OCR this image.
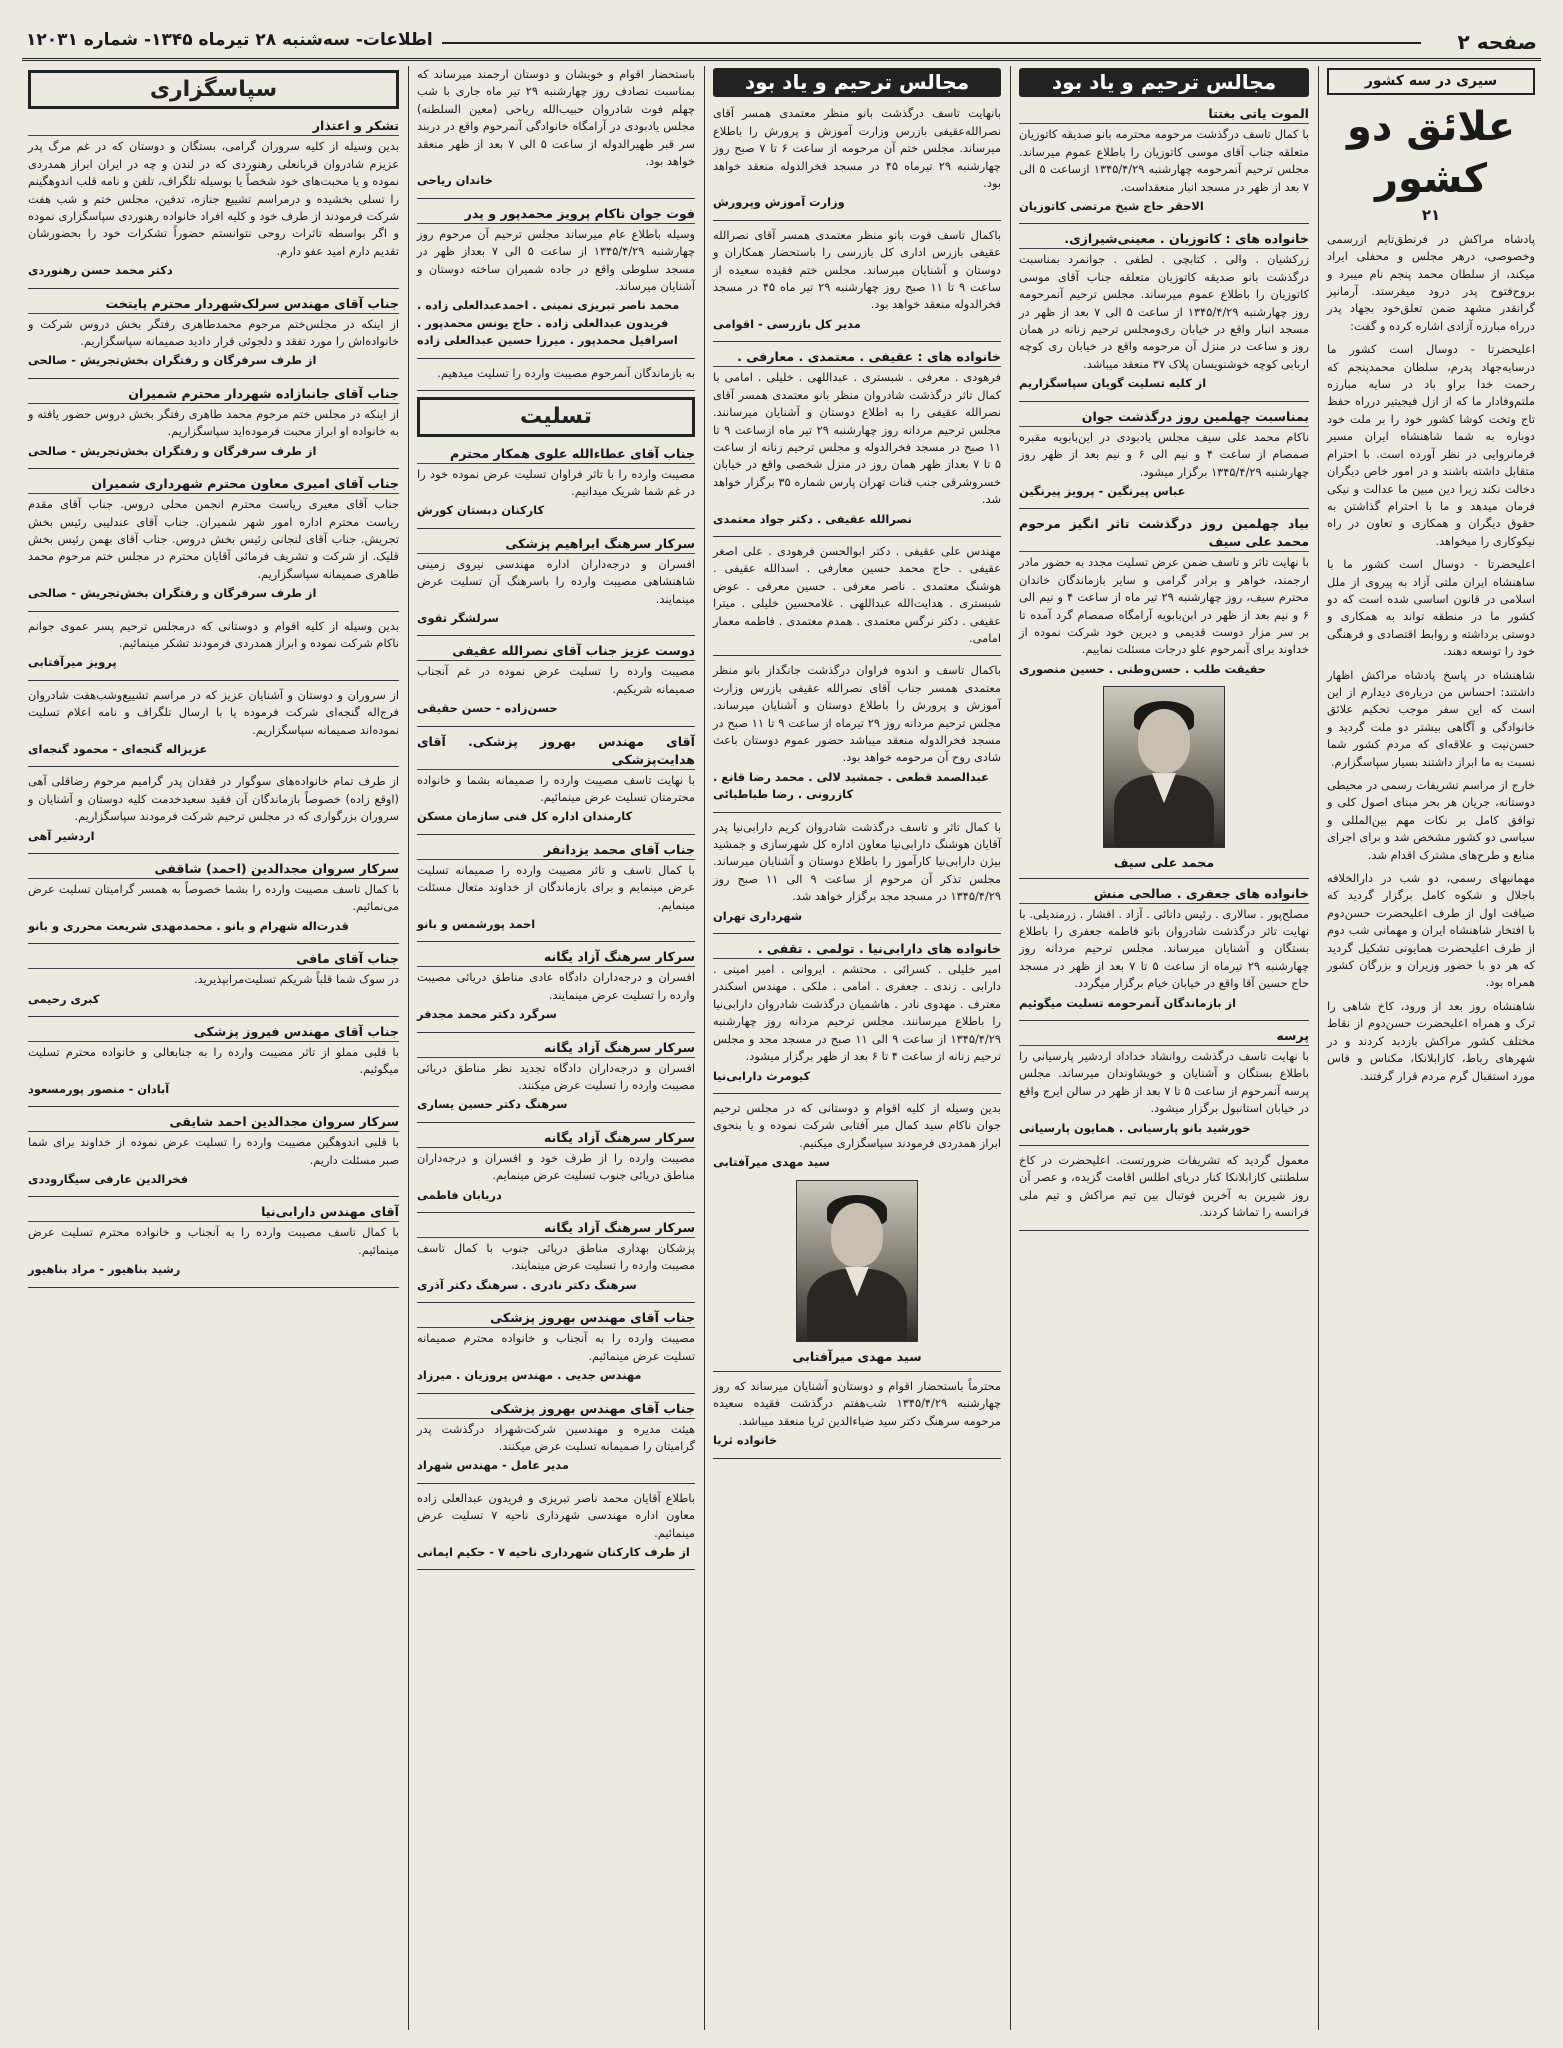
صفحه ۲
اطلاعات- سه‌شنبه ۲۸ تیرماه ۱۳۴۵- شماره ۱۲۰۳۱
سیری در سه کشور
علائق دو کشور
۲۱

پادشاه مراکش در فرنطق‌تایم ازرسمی وخصوصی، درهر مجلس و محفلی ایراد میکند، از سلطان محمد پنجم نام میبرد و بروح‌فتوح پدر درود میفرستد. آرمانپر گرانقدر مشهد ضمن تعلق‌خود بجهاد پدر درراه مبارزه آزادی اشاره کرده و گفت:

اعلیحضرتا - دوسال است کشور ما درسایه‌جهاد پدرم، سلطان محمدپنجم که رحمت خدا براو باد در سایه مبارزه ملتم‌وفادار ما که از ازل فیجیتیر درراه حفظ تاج وتخت کوشا کشور خود را بر ملت خود دوباره به شما شاهنشاه ایران مسیر فرمانروایی در نظر آورده است. با احترام متقابل داشته باشند و در امور خاص دیگران دخالت نکند زیرا دین مبین ما عدالت و نیکی فرمان میدهد و ما با احترام گذاشتن به حقوق دیگران و همکاری و تعاون در راه نیکوکاری را میخواهد.

اعلیحضرتا - دوسال است کشور ما با ساهنشاه ایران ملتی آزاد به پیروی از ملل اسلامی در قانون اساسی شده است که دو کشور ما در منطقه تواند به همکاری و دوستی برداشته و روابط اقتصادی و فرهنگی خود را توسعه دهند.

شاهنشاه در پاسخ پادشاه مراکش اظهار داشتند: احساس من درباره‌ی دیدارم از این است که این سفر موجب تحکیم علائق خانوادگی و آگاهی بیشتر دو ملت گردید و حسن‌نیت و علاقه‌ای که مردم کشور شما نسبت به ما ابراز داشتند بسیار سپاسگزارم.

خارج از مراسم تشریفات رسمی در محیطی دوستانه، جریان هر بحر مبنای اصول کلی و توافق کامل بر نکات مهم بین‌المللی و سیاسی دو کشور مشخص شد و برای اجرای منابع و طرح‌های مشترک اقدام شد.

مهمانیهای رسمی، دو شب در دارالخلافه باجلال و شکوه کامل برگزار گردید که ضیافت اول از طرف اعلیحضرت حسن‌دوم با افتخار شاهنشاه ایران و مهمانی شب دوم از طرف اعلیحضرت همایونی تشکیل گردید که هر دو با حضور وزیران و بزرگان کشور همراه بود.

شاهنشاه روز بعد از ورود، کاخ شاهی را ترک و همراه اعلیحضرت حسن‌دوم از نقاط مختلف کشور مراکش بازدید کردند و در شهرهای رباط، کازابلانکا، مکناس و فاس مورد استقبال گرم مردم قرار گرفتند.

مجالس ترحیم و یاد بود
الموت یاتی بغتتا
با کمال تاسف درگذشت مرحومه محترمه بانو صدیقه کاتوزیان متعلقه جناب آقای موسی کاتوزیان را باطلاع عموم میرساند. مجلس ترحیم آنمرحومه چهارشنبه ۱۳۴۵/۴/۲۹ ازساعت ۵ الی ۷ بعد از ظهر در مسجد انبار منعقداست.
الاحقر حاج شیخ مرتضی کاتوزیان
خانواده های : کاتوزیان . معینی‌شیرازی.
زرکشیان . والی . کتابچی . لطفی . جوانمرد بمناسبت درگذشت بانو صدیقه کاتوزیان متعلقه جناب آقای موسی کاتوزیان را باطلاع عموم میرساند. مجلس ترحیم آنمرحومه روز چهارشنبه ۱۳۴۵/۴/۲۹ از ساعت ۵ الی ۷ بعد از ظهر در مسجد انبار واقع در خیابان ری‌ومجلس ترحیم زنانه در همان روز و ساعت در منزل آن مرحومه واقع در خیابان ری کوچه اربابی کوچه خوشنویسان پلاک ۳۷ منعقد میباشد.
از کلیه تسلیت گویان سپاسگزاریم
بمناسبت چهلمین روز درگذشت جوان
ناکام محمد علی سیف مجلس یادبودی در این‌بابویه مقبره صمصام از ساعت ۴ و نیم الی ۶ و نیم بعد از ظهر روز چهارشنبه ۱۳۴۵/۴/۲۹ برگزار میشود.
عباس پیرنگین - پرویز پیرنگین
بیاد چهلمین روز درگذشت تاثر انگیز مرحوم محمد علی سیف
با نهایت تاثر و تاسف ضمن عرض تسلیت مجدد به حضور مادر ارجمند، خواهر و برادر گرامی و سایر بازماندگان خاندان محترم سیف، روز چهارشنبه ۲۹ تیر ماه از ساعت ۴ و نیم الی ۶ و نیم بعد از ظهر در ابن‌بابویه آرامگاه صمصام گرد آمده تا بر سر مزار دوست قدیمی و دیرین خود شرکت نموده از خداوند برای آنمرحوم علو درجات مسئلت نماییم.
حقیقت طلب . حسن‌وطنی . حسین منصوری
محمد علی سیف
خانواده های جعفری . صالحی منش
مصلح‌پور . سالاری . رئیس دانائی . آزاد . افشار . زرمندیلی. با نهایت تاثر درگذشت شادروان بانو فاطمه جعفری را باطلاع بستگان و آشنایان میرساند. مجلس ترحیم مردانه روز چهارشنبه ۲۹ تیرماه از ساعت ۵ تا ۷ بعد از ظهر در مسجد حاج حسین آقا واقع در خیابان خیام برگزار میگردد.
از بازماندگان آنمرحومه تسلیت میگوئیم
پرسه
با نهایت تاسف درگذشت روانشاد خداداد اردشیر پارسیانی را باطلاع بستگان و آشنایان و خویشاوندان میرساند. مجلس پرسه آنمرحوم از ساعت ۵ تا ۷ بعد از ظهر در سالن ایرج واقع در خیابان استانبول برگزار میشود.
خورشید بانو پارسیانی . همایون پارسیانی
معمول گردید که تشریفات ضرورتست. اعلیحضرت در کاخ سلطنتی کازابلانکا کنار دریای اطلس اقامت گزیده، و عصر آن روز شیرین به آخرین فوتبال بین تیم مراکش و تیم ملی فرانسه را تماشا کردند.
مجالس ترحیم و یاد بود
بانهایت تاسف درگذشت بانو منظر معتمدی همسر آقای نصرالله‌عقیفی بازرس وزارت آموزش و پرورش را باطلاع میرساند. مجلس ختم آن مرحومه از ساعت ۶ تا ۷ صبح روز چهارشنبه ۲۹ تیرماه ۴۵ در مسجد فخرالدوله منعقد خواهد بود.
وزارت آموزش وپرورش
باکمال تاسف فوت بانو منظر معتمدی همسر آقای نصرالله عقیفی بازرس اداری کل بازرسی را باستحضار همکاران و دوستان و آشنایان میرساند. مجلس ختم فقیده سعیده از ساعت ۹ تا ۱۱ صبح روز چهارشنبه ۲۹ تیر ماه ۴۵ در مسجد فخرالدوله منعقد خواهد بود.
مدیر کل بازرسی - اقوامی
خانواده های : عقیفی . معتمدی . معارفی .
فرهودی . معرفی . شبستری . عبداللهی . خلیلی . امامی با کمال تاثر درگذشت شادروان منظر بانو معتمدی همسر آقای نصرالله عقیفی را به اطلاع دوستان و آشنایان میرسانند. مجلس ترحیم مردانه روز چهارشنبه ۲۹ تیر ماه ازساعت ۹ تا ۱۱ صبح در مسجد فخرالدوله و مجلس ترحیم زنانه از ساعت ۵ تا ۷ بعداز ظهر همان روز در منزل شخصی واقع در خیابان خسروشرقی جنب قنات تهران پارس شماره ۳۵ برگزار خواهد شد.
نصرالله عقیفی . دکتر جواد معتمدی
مهندس علی عقیفی . دکتر ابوالحسن فرهودی . علی اصغر عقیفی . حاج محمد حسین معارفی . اسدالله عقیفی . هوشنگ معتمدی . ناصر معرفی . حسین معرفی . عوض شبستری . هدایت‌الله عبداللهی . غلامحسین خلیلی . میترا عقیفی . دکتر نرگس معتمدی . همدم معتمدی . فاطمه معمار امامی.
باکمال تاسف و اندوه فراوان درگذشت جانگداز بانو منظر معتمدی همسر جناب آقای نصرالله عقیفی بازرس وزارت آموزش و پرورش را باطلاع دوستان و آشنایان میرساند. مجلس ترحیم مردانه روز ۲۹ تیرماه از ساعت ۹ تا ۱۱ صبح در مسجد فخرالدوله منعقد میباشد حضور عموم دوستان باعث شادی روح آن مرحومه خواهد بود.
عبدالصمد قطعی . جمشید لالی . محمد رضا قانع . کازرونی . رضا طباطبائی
با کمال تاثر و تاسف درگذشت شادروان کریم دارابی‌نیا پدر آقایان هوشنگ دارابی‌نیا معاون اداره کل شهرسازی و جمشید بیژن دارابی‌نیا کارآموز را باطلاع دوستان و آشنایان میرساند. مجلس تذکر آن مرحوم از ساعت ۹ الی ۱۱ صبح روز ۱۳۴۵/۴/۲۹ در مسجد مجد برگزار خواهد شد.
شهرداری تهران
خانواده های دارابی‌نیا . تولمی . تقفی .
امیر خلیلی . کسرائی . محتشم . ایروانی . امیر امینی . دارابی . زندی . جعفری . امامی . ملکی . مهندس اسکندر معترف . مهدوی نادر . هاشمیان درگذشت شادروان دارابی‌نیا را باطلاع میرسانند. مجلس ترحیم مردانه روز چهارشنبه ۱۳۴۵/۴/۲۹ از ساعت ۹ الی ۱۱ صبح در مسجد مجد و مجلس ترحیم زنانه از ساعت ۴ تا ۶ بعد از ظهر برگزار میشود.
کیومرث دارابی‌نیا
بدین وسیله از کلیه اقوام و دوستانی که در مجلس ترحیم جوان ناکام سید کمال میر آفتابی شرکت نموده و یا بنحوی ابراز همدردی فرمودند سپاسگزاری میکنیم.
سید مهدی میرآفتابی
سید مهدی میرآفتابی
محترماً باستحضار اقوام و دوستان‌و آشنایان میرساند که روز چهارشنبه ۱۳۴۵/۴/۲۹ شب‌هفتم درگذشت فقیده سعیده مرحومه سرهنگ دکتر سید ضیاءالدین ثریا منعقد میباشد.
خانواده ثریا
باستحضار اقوام و خویشان و دوستان ارجمند میرساند که بمناسبت تصادف روز چهارشنبه ۲۹ تیر ماه جاری با شب چهلم فوت شادروان حبیب‌الله ریاحی (معین السلطنه) مجلس یادبودی در آرامگاه خانوادگی آنمرحوم واقع در دربند سر قبر ظهیرالدوله از ساعت ۵ الی ۷ بعد از ظهر منعقد خواهد بود.
خاندان ریاحی
فوت جوان ناکام پرویز محمدپور و پدر
وسیله باطلاع عام میرساند مجلس ترحیم آن مرحوم روز چهارشنبه ۱۳۴۵/۴/۲۹ از ساعت ۵ الی ۷ بعداز ظهر در مسجد سلوطی واقع در جاده شمیران ساخته دوستان و آشنایان میرساند.
محمد ناصر تبریزی نمینی . احمدعبدالعلی زاده . فریدون عبدالعلی زاده . حاج یونس محمدپور . اسرافیل محمدپور . میرزا حسین عبدالعلی زاده
به بازماندگان آنمرحوم مصیبت وارده را تسلیت میدهیم.
تسلیت
جناب آقای عطاءالله علوی همکار محترم
مصیبت وارده را با تاثر فراوان تسلیت عرض نموده خود را در غم شما شریک میدانیم.
کارکنان دبستان کورش
سرکار سرهنگ ابراهیم پزشکی
افسران و درجه‌داران اداره مهندسی نیروی زمینی شاهنشاهی مصیبت وارده را باسرهنگ آن تسلیت عرض مینمایند.
سرلشگر تقوی
دوست عزیز جناب آقای نصرالله عقیفی
مصیبت وارده را تسلیت عرض نموده در غم آنجناب صمیمانه شریکیم.
حسن‌زاده - حسن حقیقی
آقای مهندس بهروز پزشکی. آقای هدایت‌پزشکی
با نهایت تاسف مصیبت وارده را صمیمانه بشما و خانواده محترمتان تسلیت عرض مینمائیم.
کارمندان اداره کل فنی سازمان مسکن
جناب آقای محمد یزدانفر
با کمال تاسف و تاثر مصیبت وارده را صمیمانه تسلیت عرض مینمایم و برای بازماندگان از خداوند متعال مسئلت مینمایم.
احمد پورشمس و بانو
سرکار سرهنگ آزاد یگانه
افسران و درجه‌داران دادگاه عادی مناطق دریائی مصیبت وارده را تسلیت عرض مینمایند.
سرگرد دکتر محمد مجدفر
سرکار سرهنگ آزاد یگانه
افسران و درجه‌داران دادگاه تجدید نظر مناطق دریائی مصیبت وارده را تسلیت عرض میکنند.
سرهنگ دکتر حسین یساری
سرکار سرهنگ آزاد یگانه
مصیبت وارده را از طرف خود و افسران و درجه‌داران مناطق دریائی جنوب تسلیت عرض مینمایم.
دریابان فاطمی
سرکار سرهنگ آزاد یگانه
پزشکان بهداری مناطق دریائی جنوب با کمال تاسف مصیبت وارده را تسلیت عرض مینمایند.
سرهنگ دکتر نادری . سرهنگ دکتر آذری
جناب آقای مهندس بهروز پزشکی
مصیبت وارده را به آنجناب و خانواده محترم صمیمانه تسلیت عرض مینمائیم.
مهندس جدیی . مهندس پروزیان . میرزاد
جناب آقای مهندس بهروز پزشکی
هیئت مدیره و مهندسین شرکت‌شهراد درگذشت پدر گرامیتان را صمیمانه تسلیت عرض میکنند.
مدیر عامل - مهندس شهراد
باطلاع آقایان محمد ناصر تبریزی و فریدون عبدالعلی زاده معاون اداره مهندسی شهرداری ناحیه ۷ تسلیت عرض مینمائیم.
از طرف کارکنان شهرداری ناحیه ۷ - حکیم ایمانی
سپاسگزاری
تشکر و اعتذار
بدین وسیله از کلیه سروران گرامی، بستگان و دوستان که در غم مرگ پدر عزیزم شادروان قربانعلی رهنوردی که در لندن و چه در ایران ابراز همدردی نموده و یا محبت‌های خود شخصاً یا بوسیله تلگراف، تلفن و نامه قلب اندوهگینم را تسلی بخشیده و درمراسم تشییع جنازه، تدفین، مجلس ختم و شب هفت شرکت فرمودند از طرف خود و کلیه افراد خانواده رهنوردی سپاسگزاری نموده و اگر بواسطه تاثرات روحی نتوانستم حضوراً تشکرات خود را بحضورشان تقدیم دارم امید عفو دارم.
دکتر محمد حسن رهنوردی
جناب آقای مهندس سرلک‌شهردار محترم پایتخت
از اینکه در مجلس‌ختم مرحوم محمدطاهری رفتگر بخش دروس شرکت و خانواده‌اش را مورد تفقد و دلجوئی قرار دادید صمیمانه سپاسگزاریم.
از طرف سرفرگان و رفتگران بخش‌تجریش - صالحی
جناب آقای جانبازاده شهردار محترم شمیران
از اینکه در مجلس ختم مرحوم محمد طاهری رفتگر بخش دروس حضور یافته و به خانواده او ابراز محبت فرموده‌اید سپاسگزاریم.
از طرف سرفرگان و رفتگران بخش‌تجریش - صالحی
جناب آقای امیری معاون محترم شهرداری شمیران
جناب آقای معیری ریاست محترم انجمن محلی دروس. جناب آقای مقدم ریاست محترم اداره امور شهر شمیران. جناب آقای عندلیبی رئیس بخش تجریش. جناب آقای لنجانی رئیس بخش دروس. جناب آقای بهمن رئیس بخش قلیک. از شرکت و تشریف فرمائی آقایان محترم در مجلس ختم مرحوم محمد طاهری صمیمانه سپاسگزاریم.
از طرف سرفرگان و رفتگران بخش‌تجریش - صالحی
بدین وسیله از کلیه اقوام و دوستانی که درمجلس ترحیم پسر عموی جوانم ناکام شرکت نموده و ابراز همدردی فرمودند تشکر مینمائیم.
پرویز میرآفتابی
از سروران و دوستان و آشنایان عزیز که در مراسم تشییع‌وشب‌هفت شادروان فرج‌اله گنجه‌ای شرکت فرموده یا با ارسال تلگراف و نامه اعلام تسلیت نموده‌اند صمیمانه سپاسگزاریم.
عزیزاله گنجه‌ای - محمود گنجه‌ای
از طرف تمام خانواده‌های سوگوار در فقدان پدر گرامیم مرحوم رضاقلی آهی (اوقع زاده) خصوصاً بازماندگان آن فقید سعیدخدمت کلیه دوستان و آشنایان و سروران بزرگواری که در مجلس ترحیم شرکت فرمودند سپاسگزاریم.
اردشیر آهی
سرکار سروان مجدالدین (احمد) شاقفی
با کمال تاسف مصیبت وارده را بشما خصوصاً به همسر گرامیتان تسلیت عرض می‌نمائیم.
قدرت‌اله شهرام و بانو . محمدمهدی شریعت محرری و بانو
جناب آقای مافی
در سوک شما قلباً شریکم تسلیت‌مرابپذیرید.
کبری رحیمی
جناب آقای مهندس فیروز پزشکی
با قلبی مملو از تاثر مصیبت وارده را به جنابعالی و خانواده محترم تسلیت میگوئیم.
آبادان - منصور پورمسعود
سرکار سروان مجدالدین احمد شایقی
با قلبی اندوهگین مصیبت وارده را تسلیت عرض نموده از خداوند برای شما صبر مسئلت داریم.
فخرالدین عارفی سیگاروددی
آقای مهندس دارابی‌نیا
با کمال تاسف مصیبت وارده را به آنجناب و خانواده محترم تسلیت عرض مینمائیم.
رشید بناهیور - مراد بناهیور
